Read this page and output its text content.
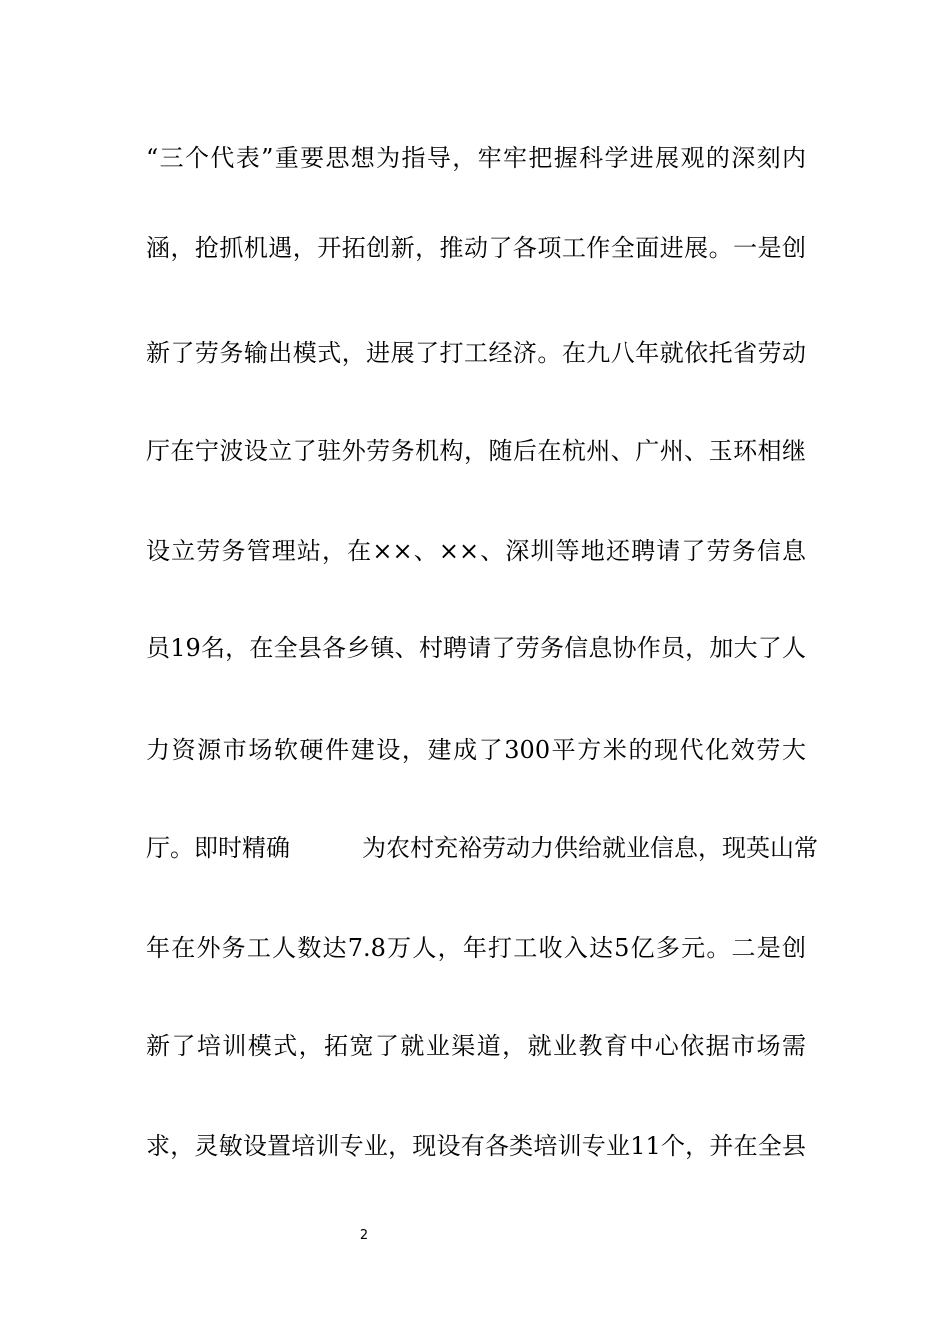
“三个代表”重要思想为指导，牢牢把握科学进展观的深刻内
涵，抢抓机遇，开拓创新，推动了各项工作全面进展。一是创
新了劳务输出模式，进展了打工经济。在九八年就依托省劳动
厅在宁波设立了驻外劳务机构，随后在杭州、广州、玉环相继
设立劳务管理站，在××、××、深圳等地还聘请了劳务信息
员19名，在全县各乡镇、村聘请了劳务信息协作员，加大了人
力资源市场软硬件建设，建成了300平方米的现代化效劳大
厅。即时精确　　　为农村充裕劳动力供给就业信息，现英山常
年在外务工人数达7.8万人，年打工收入达5亿多元。二是创
新了培训模式，拓宽了就业渠道，就业教育中心依据市场需
求，灵敏设置培训专业，现设有各类培训专业11个，并在全县
2
